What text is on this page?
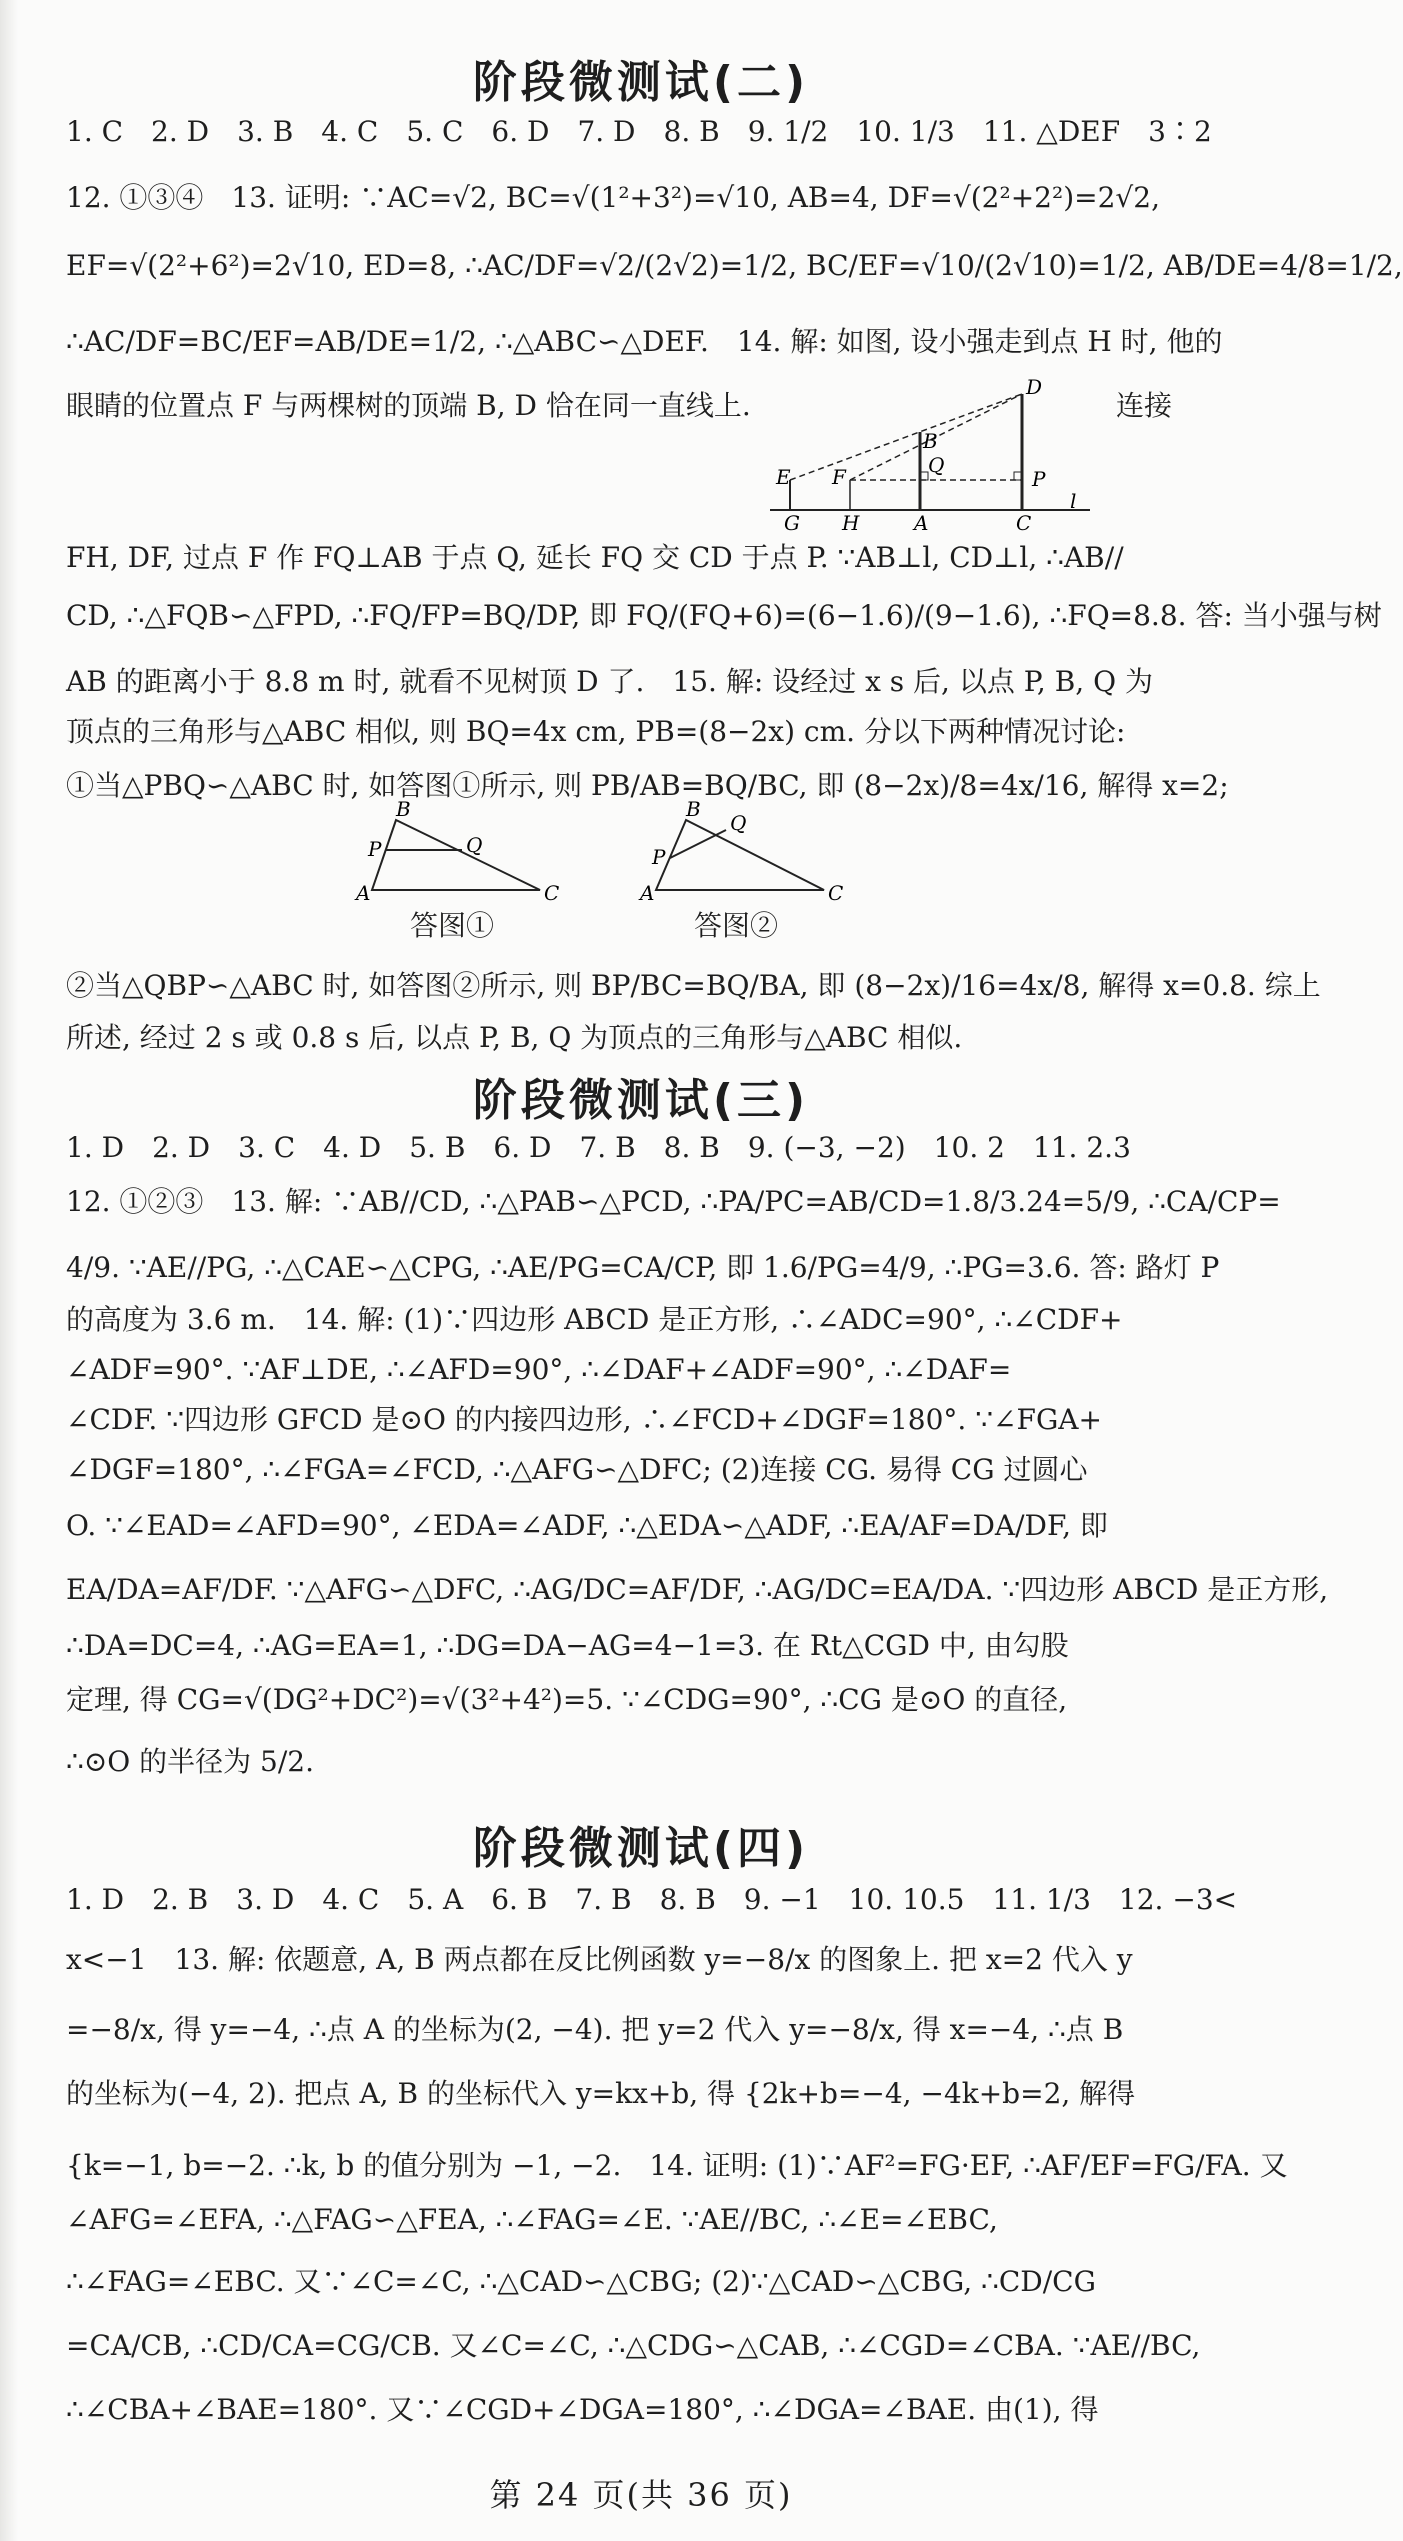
阶段微测试(二)
1. C　2. D　3. B　4. C　5. C　6. D　7. D　8. B　9. 1/2　10. 1/3　11. △DEF　3∶2
12. ①③④　13. 证明: ∵AC=√2, BC=√(1²+3²)=√10, AB=4, DF=√(2²+2²)=2√2,
EF=√(2²+6²)=2√10, ED=8, ∴AC/DF=√2/(2√2)=1/2, BC/EF=√10/(2√10)=1/2, AB/DE=4/8=1/2,
∴AC/DF=BC/EF=AB/DE=1/2, ∴△ABC∽△DEF.　14. 解: 如图, 设小强走到点 H 时, 他的
眼睛的位置点 F 与两棵树的顶端 B, D 恰在同一直线上.	连接
D
B
Q
E F	P
G H	A	C
l
FH, DF, 过点 F 作 FQ⊥AB 于点 Q, 延长 FQ 交 CD 于点 P. ∵AB⊥l, CD⊥l, ∴AB//
CD, ∴△FQB∽△FPD, ∴FQ/FP=BQ/DP, 即 FQ/(FQ+6)=(6−1.6)/(9−1.6), ∴FQ=8.8. 答: 当小强与树
AB 的距离小于 8.8 m 时, 就看不见树顶 D 了.　15. 解: 设经过 x s 后, 以点 P, B, Q 为
顶点的三角形与△ABC 相似, 则 BQ=4x cm, PB=(8−2x) cm. 分以下两种情况讨论:
①当△PBQ∽△ABC 时, 如答图①所示, 则 PB/AB=BQ/BC, 即 (8−2x)/8=4x/16, 解得 x=2;
B
P	Q
A	C
答图①
B
Q
P
A	C
答图②
②当△QBP∽△ABC 时, 如答图②所示, 则 BP/BC=BQ/BA, 即 (8−2x)/16=4x/8, 解得 x=0.8. 综上
所述, 经过 2 s 或 0.8 s 后, 以点 P, B, Q 为顶点的三角形与△ABC 相似.
阶段微测试(三)
1. D　2. D　3. C　4. D　5. B　6. D　7. B　8. B　9. (−3, −2)　10. 2　11. 2.3
12. ①②③　13. 解: ∵AB//CD, ∴△PAB∽△PCD, ∴PA/PC=AB/CD=1.8/3.24=5/9, ∴CA/CP=
4/9. ∵AE//PG, ∴△CAE∽△CPG, ∴AE/PG=CA/CP, 即 1.6/PG=4/9, ∴PG=3.6. 答: 路灯 P
的高度为 3.6 m.　14. 解: (1)∵四边形 ABCD 是正方形, ∴∠ADC=90°, ∴∠CDF+
∠ADF=90°. ∵AF⊥DE, ∴∠AFD=90°, ∴∠DAF+∠ADF=90°, ∴∠DAF=
∠CDF. ∵四边形 GFCD 是⊙O 的内接四边形, ∴∠FCD+∠DGF=180°. ∵∠FGA+
∠DGF=180°, ∴∠FGA=∠FCD, ∴△AFG∽△DFC; (2)连接 CG. 易得 CG 过圆心
O. ∵∠EAD=∠AFD=90°, ∠EDA=∠ADF, ∴△EDA∽△ADF, ∴EA/AF=DA/DF, 即
EA/DA=AF/DF. ∵△AFG∽△DFC, ∴AG/DC=AF/DF, ∴AG/DC=EA/DA. ∵四边形 ABCD 是正方形,
∴DA=DC=4, ∴AG=EA=1, ∴DG=DA−AG=4−1=3. 在 Rt△CGD 中, 由勾股
定理, 得 CG=√(DG²+DC²)=√(3²+4²)=5. ∵∠CDG=90°, ∴CG 是⊙O 的直径,
∴⊙O 的半径为 5/2.
阶段微测试(四)
1. D　2. B　3. D　4. C　5. A　6. B　7. B　8. B　9. −1　10. 10.5　11. 1/3　12. −3<
x<−1　13. 解: 依题意, A, B 两点都在反比例函数 y=−8/x 的图象上. 把 x=2 代入 y
=−8/x, 得 y=−4, ∴点 A 的坐标为(2, −4). 把 y=2 代入 y=−8/x, 得 x=−4, ∴点 B
的坐标为(−4, 2). 把点 A, B 的坐标代入 y=kx+b, 得 {2k+b=−4, −4k+b=2, 解得
{k=−1, b=−2. ∴k, b 的值分别为 −1, −2.　14. 证明: (1)∵AF²=FG·EF, ∴AF/EF=FG/FA. 又
∠AFG=∠EFA, ∴△FAG∽△FEA, ∴∠FAG=∠E. ∵AE//BC, ∴∠E=∠EBC,
∴∠FAG=∠EBC. 又∵∠C=∠C, ∴△CAD∽△CBG; (2)∵△CAD∽△CBG, ∴CD/CG
=CA/CB, ∴CD/CA=CG/CB. 又∠C=∠C, ∴△CDG∽△CAB, ∴∠CGD=∠CBA. ∵AE//BC,
∴∠CBA+∠BAE=180°. 又∵∠CGD+∠DGA=180°, ∴∠DGA=∠BAE. 由(1), 得
第 24 页(共 36 页)
